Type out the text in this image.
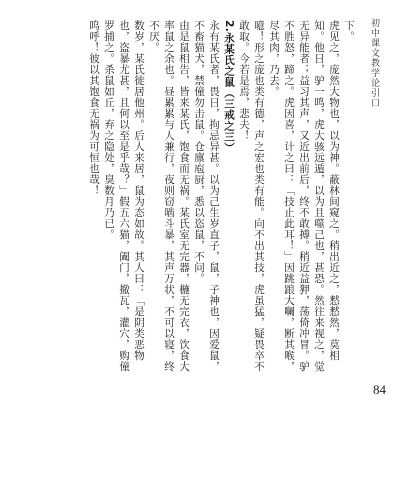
初中课文教学论引口

下。

虎见之，庞然大物也，以为神。蔽林间窥之。稍出近之，慭慭然，莫相知。他日，驴一鸣，虎大骇远遁，以为且噬己也，甚恐。然往来视之，觉无异能者；益习其声，又近出前后，终不敢搏。稍近益狎，荡倚冲冒。驴不胜怒，蹄之。虎因喜，计之曰：「技止此耳！」因跳踉大㘎，断其喉，尽其肉，乃去。

噫！形之庞也类有德，声之宏也类有能。向不出其技，虎虽猛，疑畏卒不敢取。今若是焉，悲夫！

2.永某氏之鼠（三戒之三）

永有某氏者，畏日，拘忌异甚。以为己生岁直子，鼠，子神也，因爱鼠，不畜猫犬，禁僮勿击鼠。仓廪庖厨，悉以恣鼠，不问。

由是鼠相告，皆来某氏，饱食而无祸。某氏室无完器，椸无完衣，饮食大率鼠之余也。昼累累与人兼行，夜则窃啮斗暴，其声万状，不可以寝，终不厌。

数岁，某氏徙居他州。后人来居，鼠为态如故。其人曰：「是阴类恶物也，盗暴尤甚，且何以至是乎哉？」假五六猫，阖门，撤瓦，灌穴，购僮罗捕之。杀鼠如丘，弃之隐处，臭数月乃已。

呜呼！彼以其饱食无祸为可恒也哉！

84
